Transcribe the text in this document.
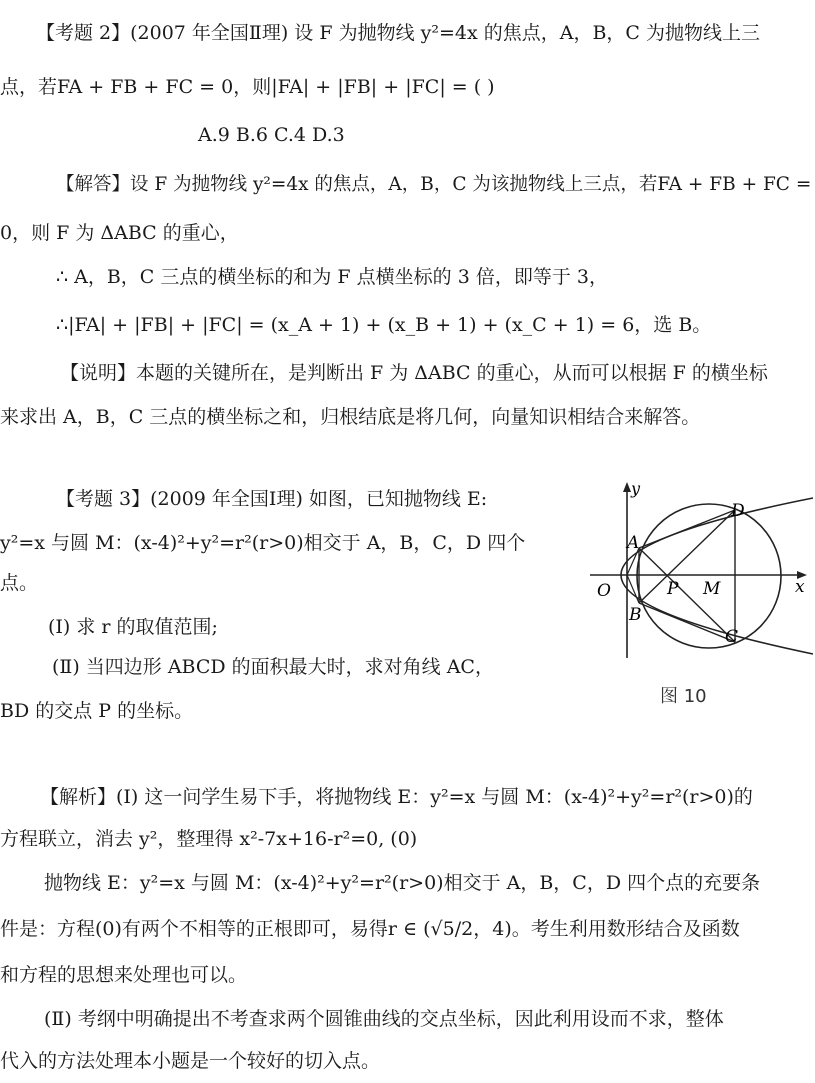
【考题 2】(2007 年全国Ⅱ理) 设 F 为抛物线 y²=4x 的焦点，A，B，C 为抛物线上三
点，若FA + FB + FC = 0，则|FA| + |FB| + |FC| = ( )
A.9 B.6 C.4 D.3
【解答】设 F 为抛物线 y²=4x 的焦点，A，B，C 为该抛物线上三点，若FA + FB + FC =
0，则 F 为 ΔABC 的重心，
∴ A，B，C 三点的横坐标的和为 F 点横坐标的 3 倍，即等于 3，
∴|FA| + |FB| + |FC| = (x_A + 1) + (x_B + 1) + (x_C + 1) = 6，选 B。
【说明】本题的关键所在，是判断出 F 为 ΔABC 的重心，从而可以根据 F 的横坐标
来求出 A，B，C 三点的横坐标之和，归根结底是将几何，向量知识相结合来解答。
【考题 3】(2009 年全国Ⅰ理) 如图，已知抛物线 E:
y²=x 与圆 M：(x-4)²+y²=r²(r>0)相交于 A，B，C，D 四个
点。
(Ⅰ) 求 r 的取值范围;
(Ⅱ) 当四边形 ABCD 的面积最大时，求对角线 AC，
BD 的交点 P 的坐标。
y
x
O
A
B
C
D
P M
图 10
【解析】(Ⅰ) 这一问学生易下手，将抛物线 E：y²=x 与圆 M：(x-4)²+y²=r²(r>0)的
方程联立，消去 y²，整理得 x²-7x+16-r²=0, (0)
抛物线 E：y²=x 与圆 M：(x-4)²+y²=r²(r>0)相交于 A，B，C，D 四个点的充要条
件是：方程(0)有两个不相等的正根即可，易得r ∈ (√5/2，4)。考生利用数形结合及函数
和方程的思想来处理也可以。
(Ⅱ) 考纲中明确提出不考查求两个圆锥曲线的交点坐标，因此利用设而不求，整体
代入的方法处理本小题是一个较好的切入点。
